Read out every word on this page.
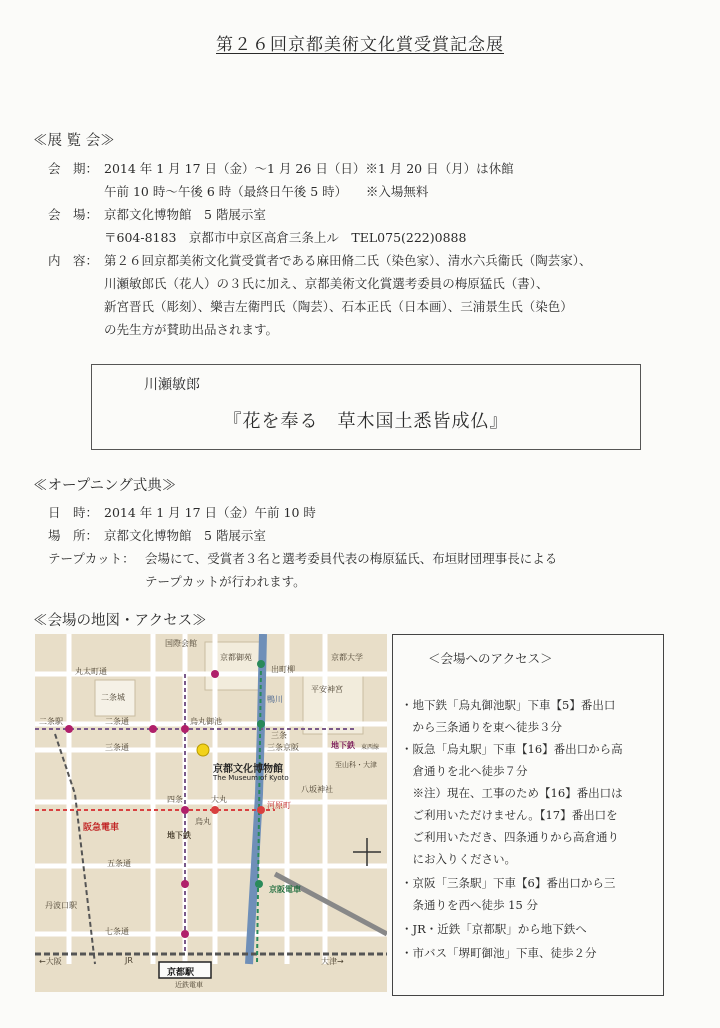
第２６回京都美術文化賞受賞記念展
≪展 覧 会≫
会　期： 2014 年 1 月 17 日（金）～1 月 26 日（日）※1 月 20 日（月）は休館
午前 10 時～午後 6 時（最終日午後 5 時）　　※入場無料
会　場： 京都文化博物館　5 階展示室
〒604-8183　京都市中京区高倉三条上ル　TEL075(222)0888
内　容： 第２６回京都美術文化賞受賞者である麻田脩二氏（染色家）、清水六兵衞氏（陶芸家）、
川瀬敏郎氏（花人）の３氏に加え、京都美術文化賞選考委員の梅原猛氏（書）、
新宮晋氏（彫刻）、樂吉左衛門氏（陶芸）、石本正氏（日本画）、三浦景生氏（染色）
の先生方が賛助出品されます。
川瀬敏郎
『花を奉る　草木国土悉皆成仏』
≪オープニング式典≫
日　時： 2014 年 1 月 17 日（金）午前 10 時
場　所： 京都文化博物館　5 階展示室
テープカット： 会場にて、受賞者３名と選考委員代表の梅原猛氏、布垣財団理事長による
テープカットが行われます。
≪会場の地図・アクセス≫
丸太町通
二条城
三条通
二条通
京都御苑
国際会館
烏丸御池
京都文化博物館
The Museum of Kyoto
四条	大丸
烏丸
河原町
阪急電車
地下鉄
地下鉄 東西線
三条京阪
三条
平安神宮
八坂神社
京都大学
出町柳
京阪電車
丹波口駅
二条駅
五条通
七条通
京都駅
JR
←大阪	大津→
近鉄電車
至山科・大津
鴨川
＜会場へのアクセス＞
・地下鉄「烏丸御池駅」下車【5】番出口
　から三条通りを東へ徒歩３分
・阪急「烏丸駅」下車【16】番出口から高
　倉通りを北へ徒歩７分
　※注）現在、工事のため【16】番出口は
　ご利用いただけません。【17】番出口を
　ご利用いただき、四条通りから高倉通り
　にお入りください。
・京阪「三条駅」下車【6】番出口から三
　条通りを西へ徒歩 15 分
・JR・近鉄「京都駅」から地下鉄へ
・市バス「堺町御池」下車、徒歩２分
